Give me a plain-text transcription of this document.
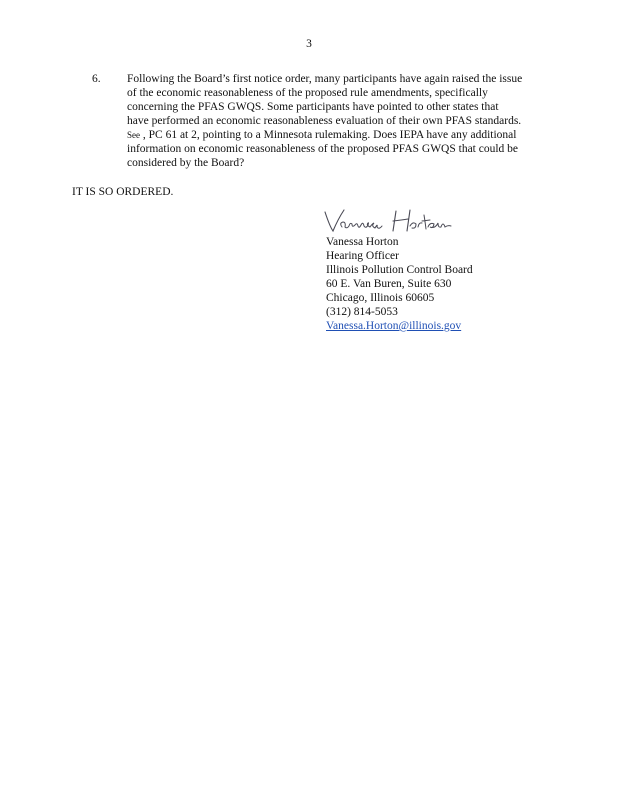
3
6. Following the Board’s first notice order, many participants have again raised the issue
of the economic reasonableness of the proposed rule amendments, specifically
concerning the PFAS GWQS. Some participants have pointed to other states that
have performed an economic reasonableness evaluation of their own PFAS standards.
See , PC 61 at 2, pointing to a Minnesota rulemaking. Does IEPA have any additional
information on economic reasonableness of the proposed PFAS GWQS that could be
considered by the Board?
IT IS SO ORDERED.
Vanessa Horton
Hearing Officer
Illinois Pollution Control Board
60 E. Van Buren, Suite 630
Chicago, Illinois 60605
(312) 814-5053
Vanessa.Horton@illinois.gov
